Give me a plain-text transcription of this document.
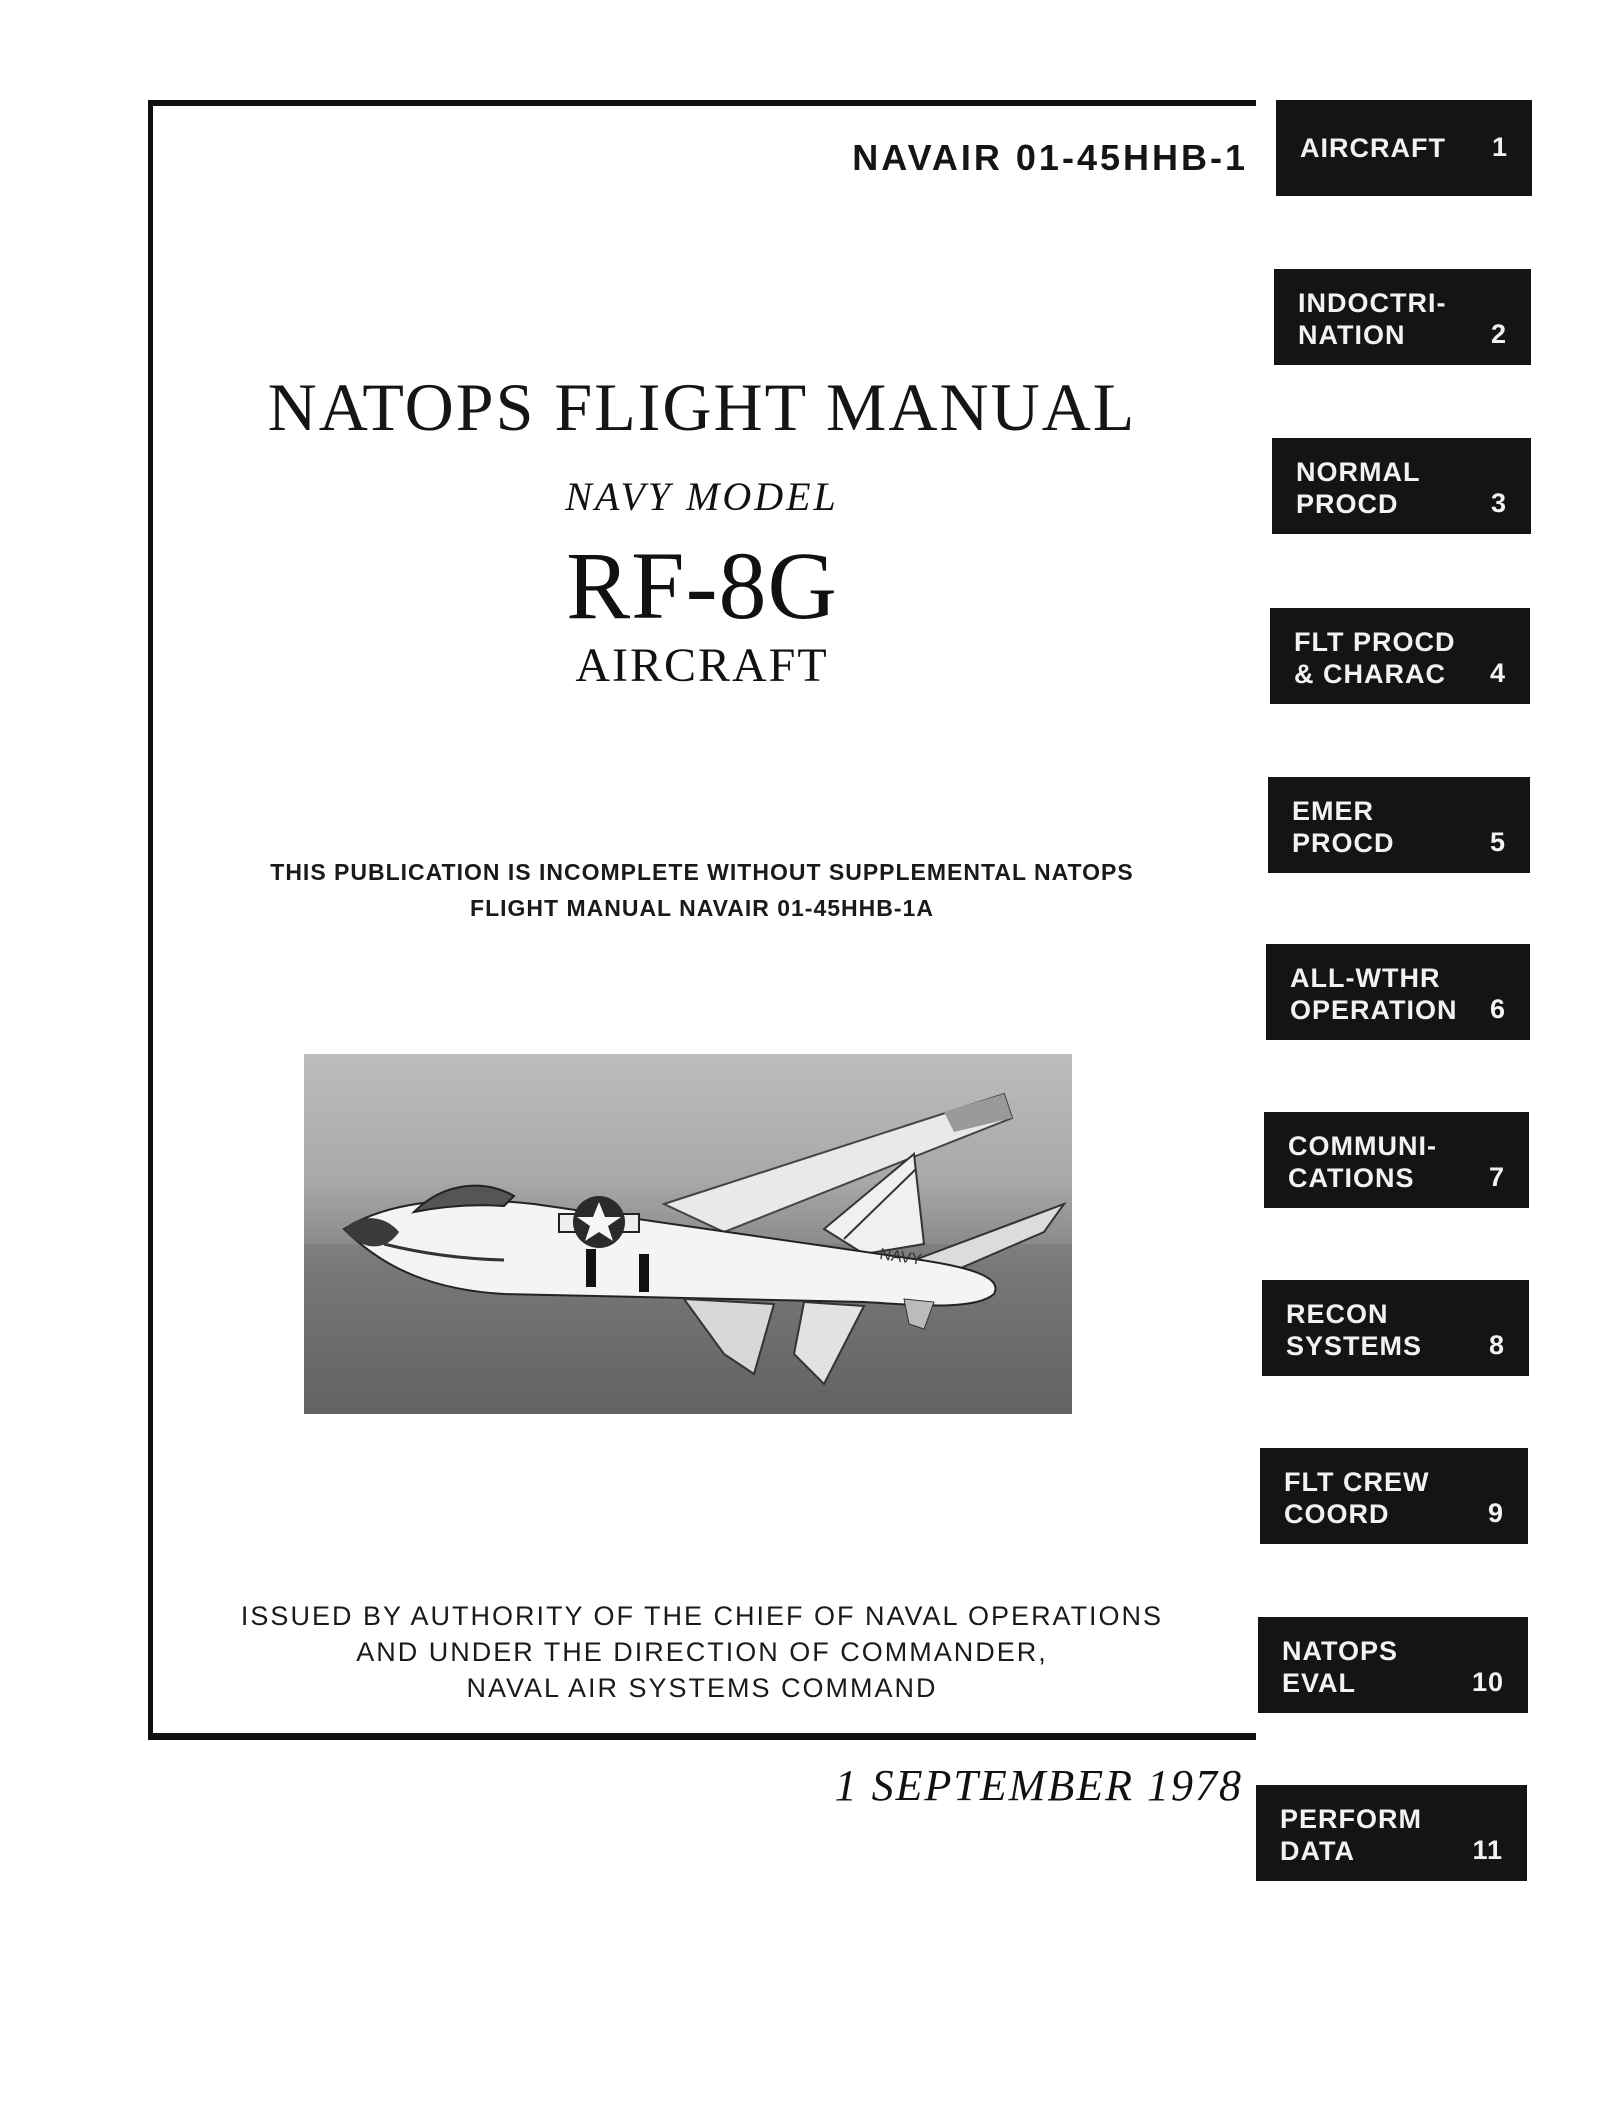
NAVAIR 01-45HHB-1
NATOPS FLIGHT MANUAL
NAVY MODEL
RF-8G
AIRCRAFT
THIS PUBLICATION IS INCOMPLETE WITHOUT SUPPLEMENTAL NATOPS
FLIGHT MANUAL NAVAIR 01-45HHB-1A
NAVY
ISSUED BY AUTHORITY OF THE CHIEF OF NAVAL OPERATIONS
AND UNDER THE DIRECTION OF COMMANDER,
NAVAL AIR SYSTEMS COMMAND
1 SEPTEMBER 1978
AIRCRAFT 1
INDOCTRI-
NATION	2
NORMAL
PROCD	3
FLT PROCD
& CHARAC	4
EMER
PROCD	5
ALL-WTHR
OPERATION 6
COMMUNI-
CATIONS	7
RECON
SYSTEMS 8
FLT CREW
COORD	9
NATOPS
EVAL	10
PERFORM
DATA	11
